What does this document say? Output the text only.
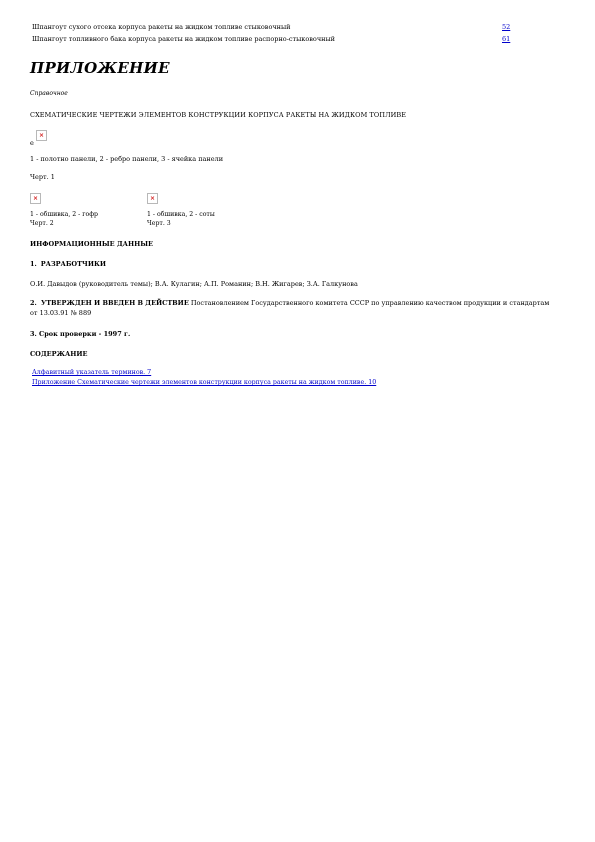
Шпангоут сухого отсека корпуса ракеты на жидком топливе стыковочный	52
Шпангоут топливного бака корпуса ракеты на жидком топливе распорно-стыковочный	61
ПРИЛОЖЕНИЕ
Справочное
СХЕМАТИЧЕСКИЕ ЧЕРТЕЖИ ЭЛЕМЕНТОВ КОНСТРУКЦИИ КОРПУСА РАКЕТЫ НА ЖИДКОМ ТОПЛИВЕ
е
×
1 - полотно панели, 2 - ребро панели, 3 - ячейка панели
Черт. 1
×
1 - обшивка, 2 - гофр
Черт. 2
×
1 - обшивка, 2 - соты
Черт. 3
ИНФОРМАЦИОННЫЕ ДАННЫЕ
1. РАЗРАБОТЧИКИ
О.И. Давыдов (руководитель темы); В.А. Кулагин; А.П. Романин; В.Н. Жигарев; З.А. Галкунова
2. УТВЕРЖДЕН И ВВЕДЕН В ДЕЙСТВИЕ Постановлением Государственного комитета СССР по управлению качеством продукции и стандартам от 13.03.91 № 889
3. Срок проверки - 1997 г.
СОДЕРЖАНИЕ
Алфавитный указатель терминов. 7
Приложение Схематические чертежи элементов конструкции корпуса ракеты на жидком топливе. 10
